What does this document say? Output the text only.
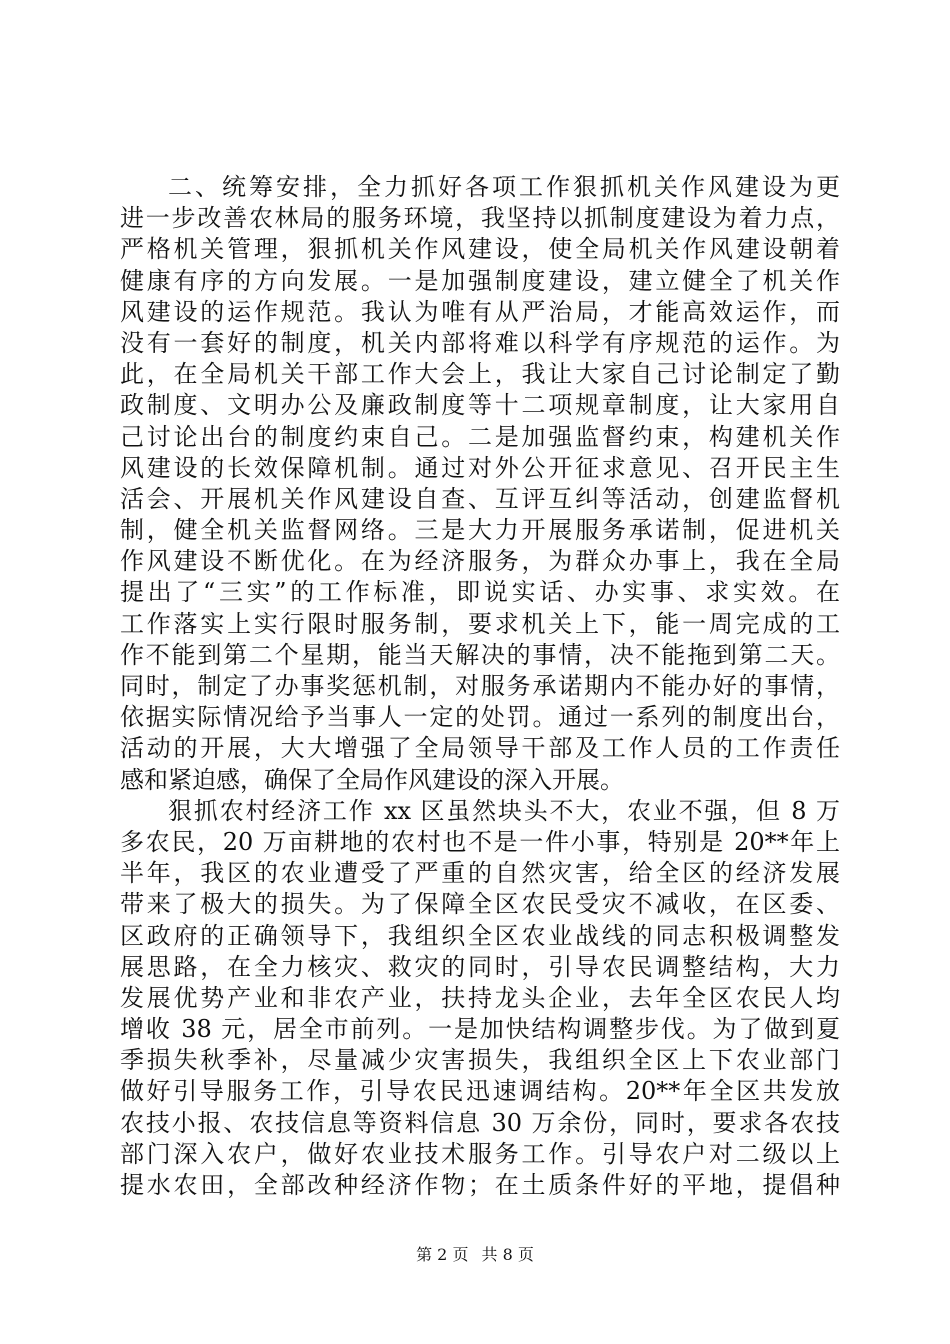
二、统筹安排，全力抓好各项工作狠抓机关作风建设为更
进一步改善农林局的服务环境，我坚持以抓制度建设为着力点，
严格机关管理，狠抓机关作风建设，使全局机关作风建设朝着
健康有序的方向发展。一是加强制度建设，建立健全了机关作
风建设的运作规范。我认为唯有从严治局，才能高效运作，而
没有一套好的制度，机关内部将难以科学有序规范的运作。为
此，在全局机关干部工作大会上，我让大家自己讨论制定了勤
政制度、文明办公及廉政制度等十二项规章制度，让大家用自
己讨论出台的制度约束自己。二是加强监督约束，构建机关作
风建设的长效保障机制。通过对外公开征求意见、召开民主生
活会、开展机关作风建设自查、互评互纠等活动，创建监督机
制，健全机关监督网络。三是大力开展服务承诺制，促进机关
作风建设不断优化。在为经济服务，为群众办事上，我在全局
提出了“三实”的工作标准，即说实话、办实事、求实效。在
工作落实上实行限时服务制，要求机关上下，能一周完成的工
作不能到第二个星期，能当天解决的事情，决不能拖到第二天。
同时，制定了办事奖惩机制，对服务承诺期内不能办好的事情，
依据实际情况给予当事人一定的处罚。通过一系列的制度出台，
活动的开展，大大增强了全局领导干部及工作人员的工作责任
感和紧迫感，确保了全局作风建设的深入开展。
狠抓农村经济工作 xx 区虽然块头不大，农业不强，但 8 万
多农民，20 万亩耕地的农村也不是一件小事，特别是 20**年上
半年，我区的农业遭受了严重的自然灾害，给全区的经济发展
带来了极大的损失。为了保障全区农民受灾不减收，在区委、
区政府的正确领导下，我组织全区农业战线的同志积极调整发
展思路，在全力核灾、救灾的同时，引导农民调整结构，大力
发展优势产业和非农产业，扶持龙头企业，去年全区农民人均
增收 38 元，居全市前列。一是加快结构调整步伐。为了做到夏
季损失秋季补，尽量减少灾害损失，我组织全区上下农业部门
做好引导服务工作，引导农民迅速调结构。20**年全区共发放
农技小报、农技信息等资料信息 30 万余份，同时，要求各农技
部门深入农户，做好农业技术服务工作。引导农户对二级以上
提水农田，全部改种经济作物；在土质条件好的平地，提倡种
第 2 页 共 8 页
